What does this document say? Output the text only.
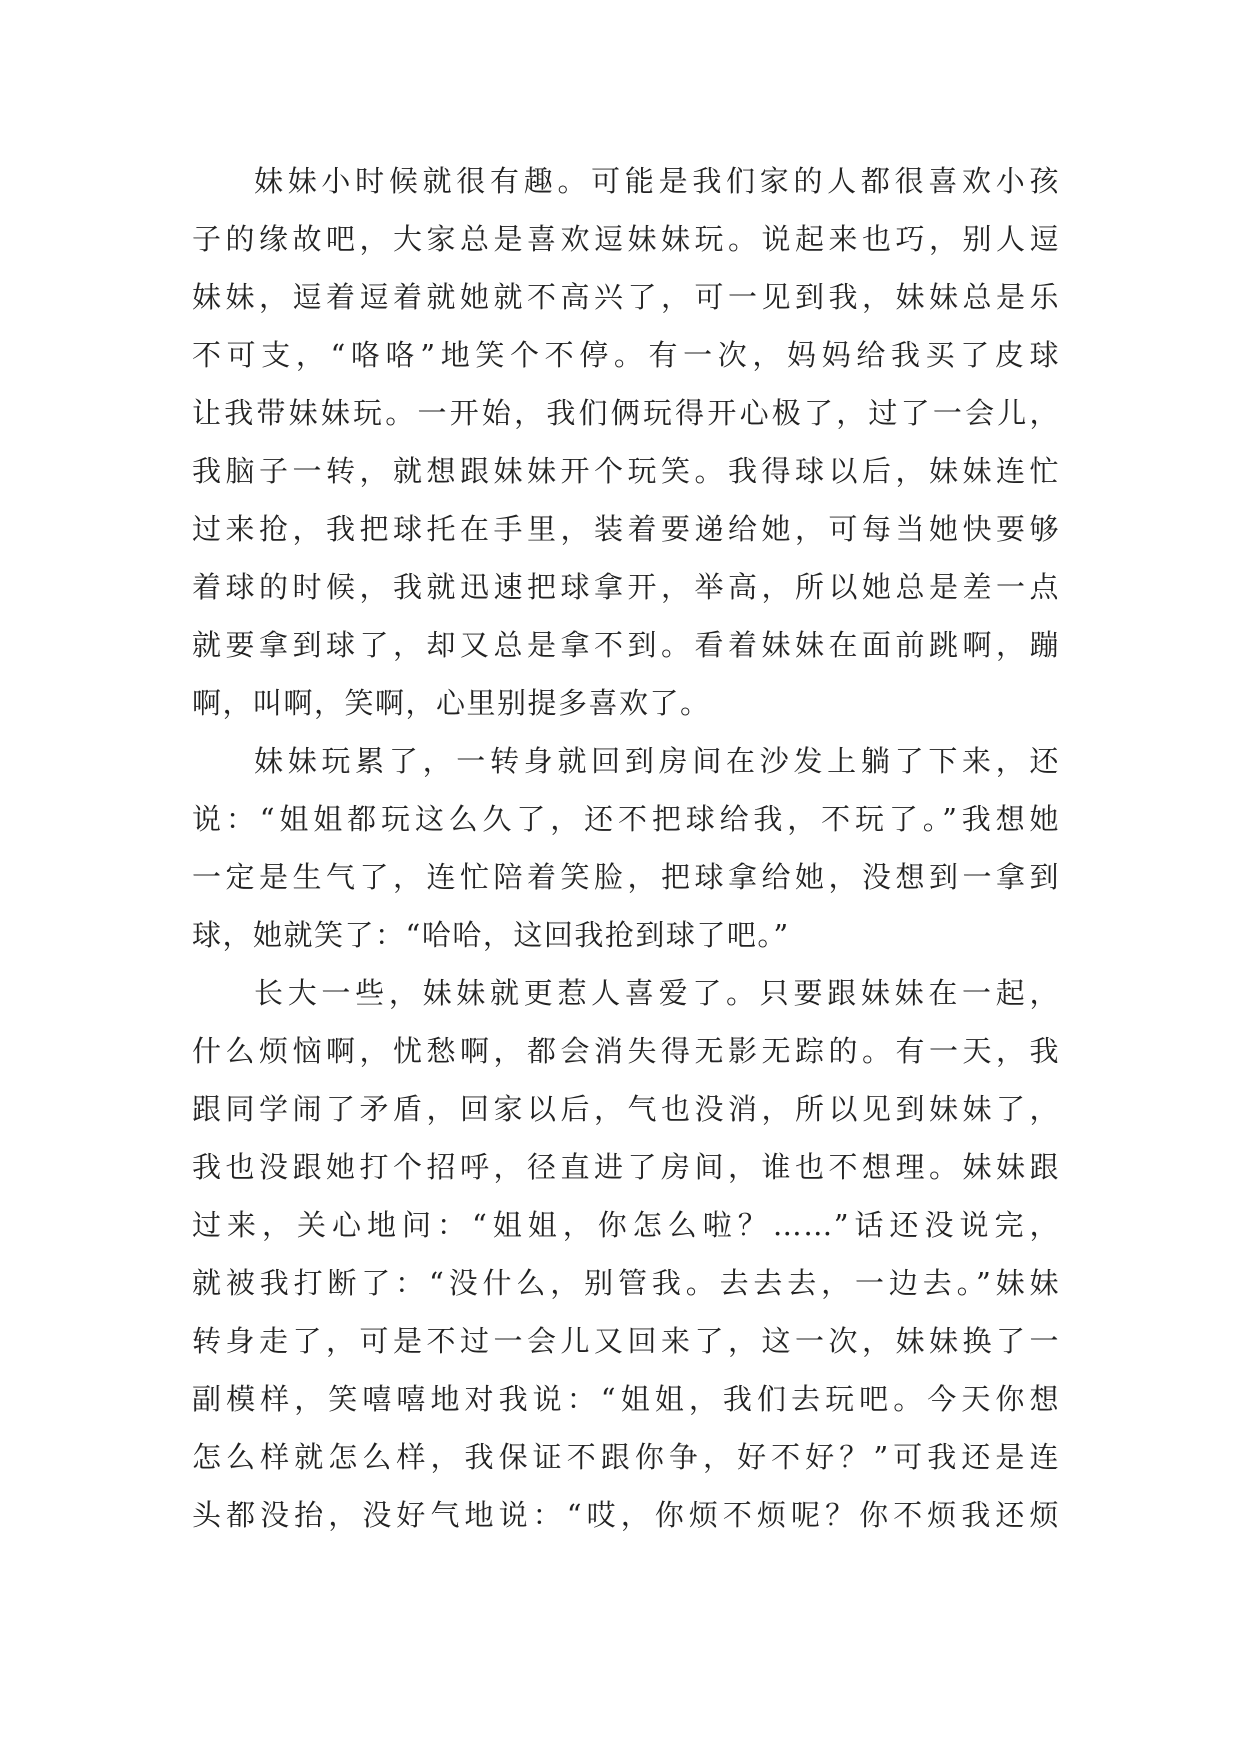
妹妹小时候就很有趣。可能是我们家的人都很喜欢小孩
子的缘故吧，大家总是喜欢逗妹妹玩。说起来也巧，别人逗
妹妹，逗着逗着就她就不高兴了，可一见到我，妹妹总是乐
不可支，“咯咯”地笑个不停。有一次，妈妈给我买了皮球
让我带妹妹玩。一开始，我们俩玩得开心极了，过了一会儿，
我脑子一转，就想跟妹妹开个玩笑。我得球以后，妹妹连忙
过来抢，我把球托在手里，装着要递给她，可每当她快要够
着球的时候，我就迅速把球拿开，举高，所以她总是差一点
就要拿到球了，却又总是拿不到。看着妹妹在面前跳啊，蹦
啊，叫啊，笑啊，心里别提多喜欢了。
妹妹玩累了，一转身就回到房间在沙发上躺了下来，还
说：“姐姐都玩这么久了，还不把球给我，不玩了。”我想她
一定是生气了，连忙陪着笑脸，把球拿给她，没想到一拿到
球，她就笑了：“哈哈，这回我抢到球了吧。”
长大一些，妹妹就更惹人喜爱了。只要跟妹妹在一起，
什么烦恼啊，忧愁啊，都会消失得无影无踪的。有一天，我
跟同学闹了矛盾，回家以后，气也没消，所以见到妹妹了，
我也没跟她打个招呼，径直进了房间，谁也不想理。妹妹跟
过来，关心地问：“姐姐，你怎么啦？……”话还没说完，
就被我打断了：“没什么，别管我。去去去，一边去。”妹妹
转身走了，可是不过一会儿又回来了，这一次，妹妹换了一
副模样，笑嘻嘻地对我说：“姐姐，我们去玩吧。今天你想
怎么样就怎么样，我保证不跟你争，好不好？”可我还是连
头都没抬，没好气地说：“哎，你烦不烦呢？你不烦我还烦
